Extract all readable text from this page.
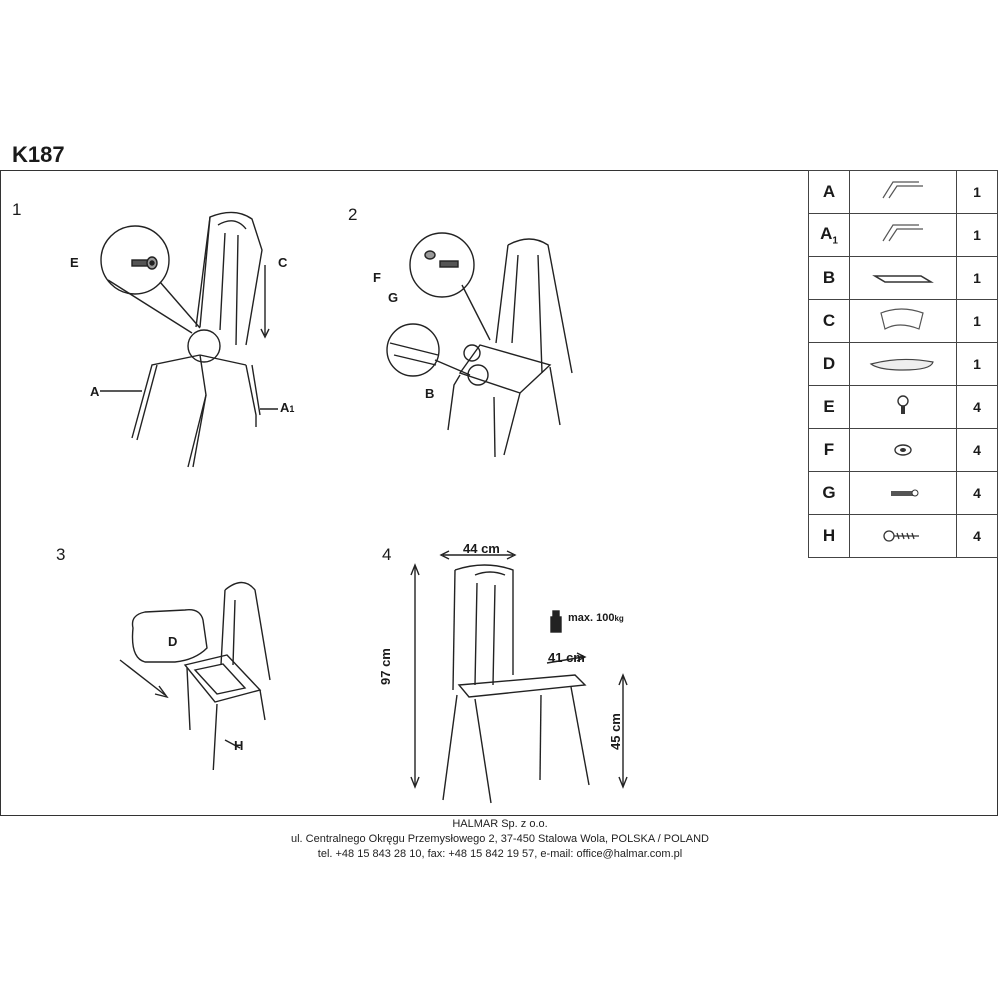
K187
1
E	C
A
A1
2
F
G
B
3
D
H
4	44 cm
97 cm	41 cm
45 cm
max. 100kg
A		1
$A_1$		1
B		1
C		1
D		1
E		4
F		4
G		4
H		4
HALMAR Sp. z o.o.
ul. Centralnego Okręgu Przemysłowego 2, 37-450 Stalowa Wola, POLSKA / POLAND
tel. +48 15 843 28 10, fax: +48 15 842 19 57, e-mail: office@halmar.com.pl
